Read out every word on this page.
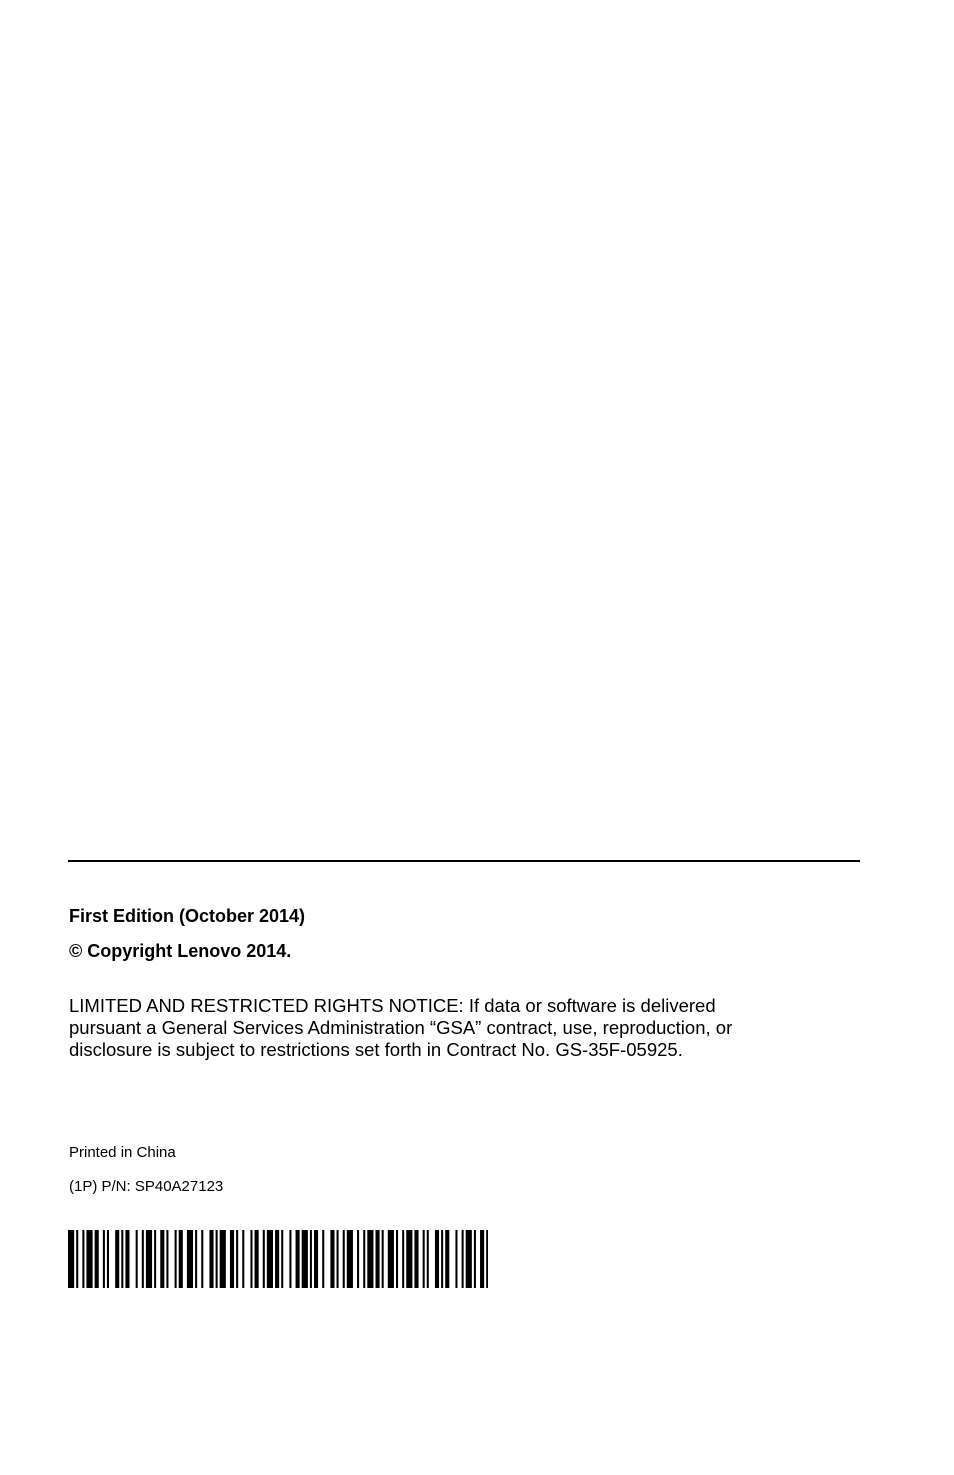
First Edition (October 2014)
© Copyright Lenovo 2014.
LIMITED AND RESTRICTED RIGHTS NOTICE: If data or software is delivered
pursuant a General Services Administration “GSA” contract, use, reproduction, or
disclosure is subject to restrictions set forth in Contract No. GS-35F-05925.
Printed in China
(1P) P/N: SP40A27123
